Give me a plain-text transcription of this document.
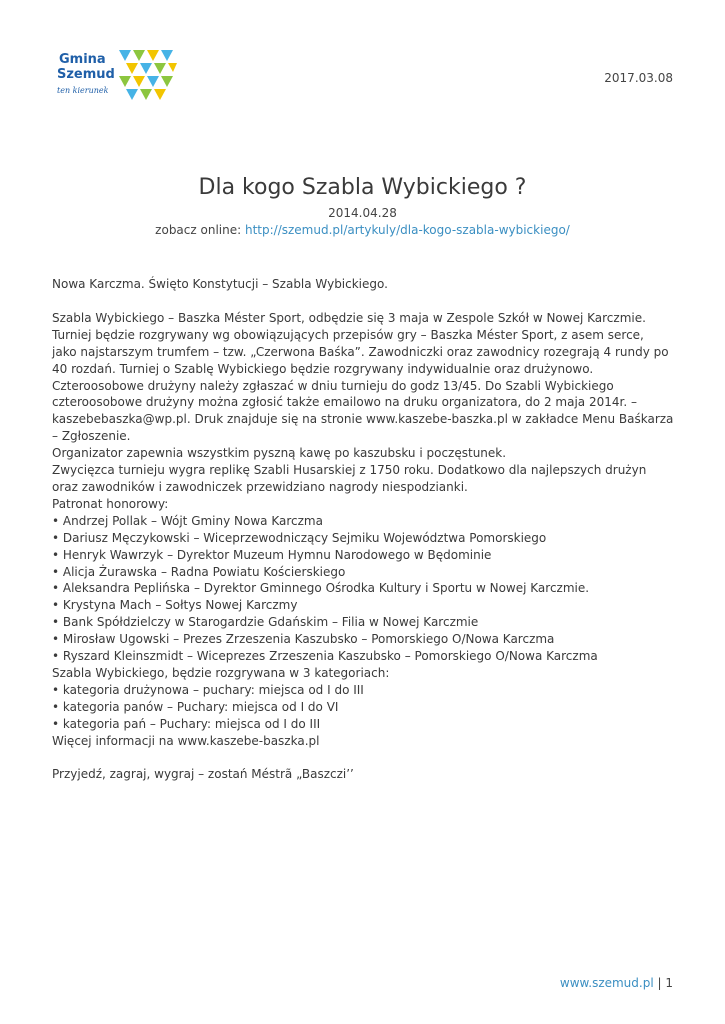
Gmina
Szemud
ten kierunek
2017.03.08
Dla kogo Szabla Wybickiego ?
2014.04.28
zobacz online: http://szemud.pl/artykuly/dla-kogo-szabla-wybickiego/

Nowa Karczma. Święto Konstytucji – Szabla Wybickiego.

Szabla Wybickiego – Baszka Méster Sport, odbędzie się 3 maja w Zespole Szkół w Nowej Karczmie.

Turniej będzie rozgrywany wg obowiązujących przepisów gry – Baszka Méster Sport, z asem serce,

jako najstarszym trumfem – tzw. „Czerwona Baśka”. Zawodniczki oraz zawodnicy rozegrają 4 rundy po

40 rozdań. Turniej o Szablę Wybickiego będzie rozgrywany indywidualnie oraz drużynowo.

Czteroosobowe drużyny należy zgłaszać w dniu turnieju do godz 13/45. Do Szabli Wybickiego

czteroosobowe drużyny można zgłosić także emailowo na druku organizatora, do 2 maja 2014r. –

kaszebebaszka@wp.pl. Druk znajduje się na stronie www.kaszebe-baszka.pl w zakładce Menu Baśkarza

– Zgłoszenie.

Organizator zapewnia wszystkim pyszną kawę po kaszubsku i poczęstunek.

Zwycięzca turnieju wygra replikę Szabli Husarskiej z 1750 roku. Dodatkowo dla najlepszych drużyn

oraz zawodników i zawodniczek przewidziano nagrody niespodzianki.

Patronat honorowy:

• Andrzej Pollak – Wójt Gminy Nowa Karczma

• Dariusz Męczykowski – Wiceprzewodniczący Sejmiku Województwa Pomorskiego

• Henryk Wawrzyk – Dyrektor Muzeum Hymnu Narodowego w Będominie

• Alicja Żurawska – Radna Powiatu Kościerskiego

• Aleksandra Peplińska – Dyrektor Gminnego Ośrodka Kultury i Sportu w Nowej Karczmie.

• Krystyna Mach – Sołtys Nowej Karczmy

• Bank Spółdzielczy w Starogardzie Gdańskim – Filia w Nowej Karczmie

• Mirosław Ugowski – Prezes Zrzeszenia Kaszubsko – Pomorskiego O/Nowa Karczma

• Ryszard Kleinszmidt – Wiceprezes Zrzeszenia Kaszubsko – Pomorskiego O/Nowa Karczma

Szabla Wybickiego, będzie rozgrywana w 3 kategoriach:

• kategoria drużynowa – puchary: miejsca od I do III

• kategoria panów – Puchary: miejsca od I do VI

• kategoria pań – Puchary: miejsca od I do III

Więcej informacji na www.kaszebe-baszka.pl

Przyjedź, zagraj, wygraj – zostań Méstrã „Baszczi’’

www.szemud.pl | 1
